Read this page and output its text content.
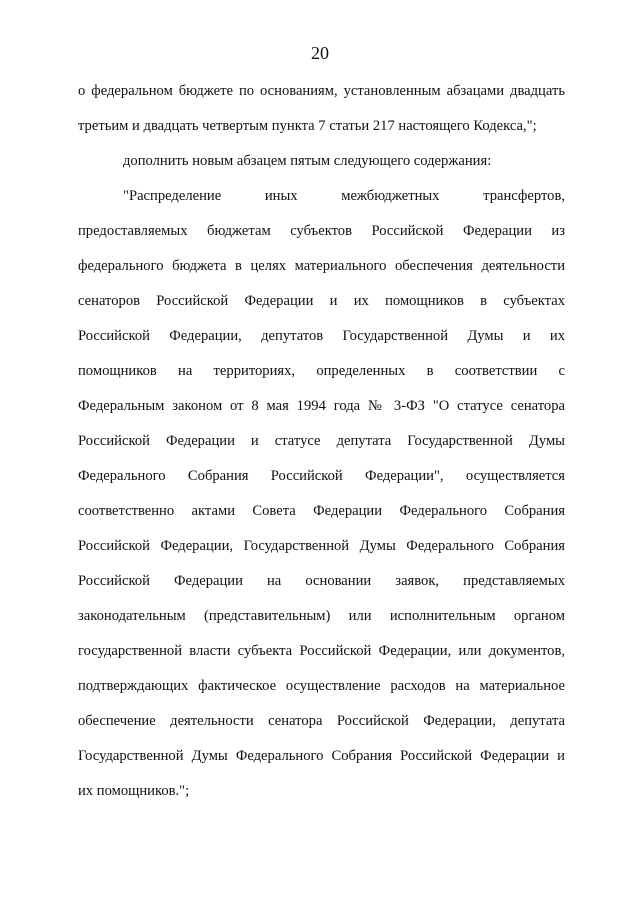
20
о федеральном бюджете по основаниям, установленным абзацами двадцать
третьим и двадцать четвертым пункта 7 статьи 217 настоящего Кодекса,";
дополнить новым абзацем пятым следующего содержания:
"Распределение иных межбюджетных трансфертов,
предоставляемых бюджетам субъектов Российской Федерации из
федерального бюджета в целях материального обеспечения деятельности
сенаторов Российской Федерации и их помощников в субъектах
Российской Федерации, депутатов Государственной Думы и их
помощников на территориях, определенных в соответствии с
Федеральным законом от 8 мая 1994 года № 3-ФЗ "О статусе сенатора
Российской Федерации и статусе депутата Государственной Думы
Федерального Собрания Российской Федерации", осуществляется
соответственно актами Совета Федерации Федерального Собрания
Российской Федерации, Государственной Думы Федерального Собрания
Российской Федерации на основании заявок, представляемых
законодательным (представительным) или исполнительным органом
государственной власти субъекта Российской Федерации, или документов,
подтверждающих фактическое осуществление расходов на материальное
обеспечение деятельности сенатора Российской Федерации, депутата
Государственной Думы Федерального Собрания Российской Федерации и
их помощников.";
